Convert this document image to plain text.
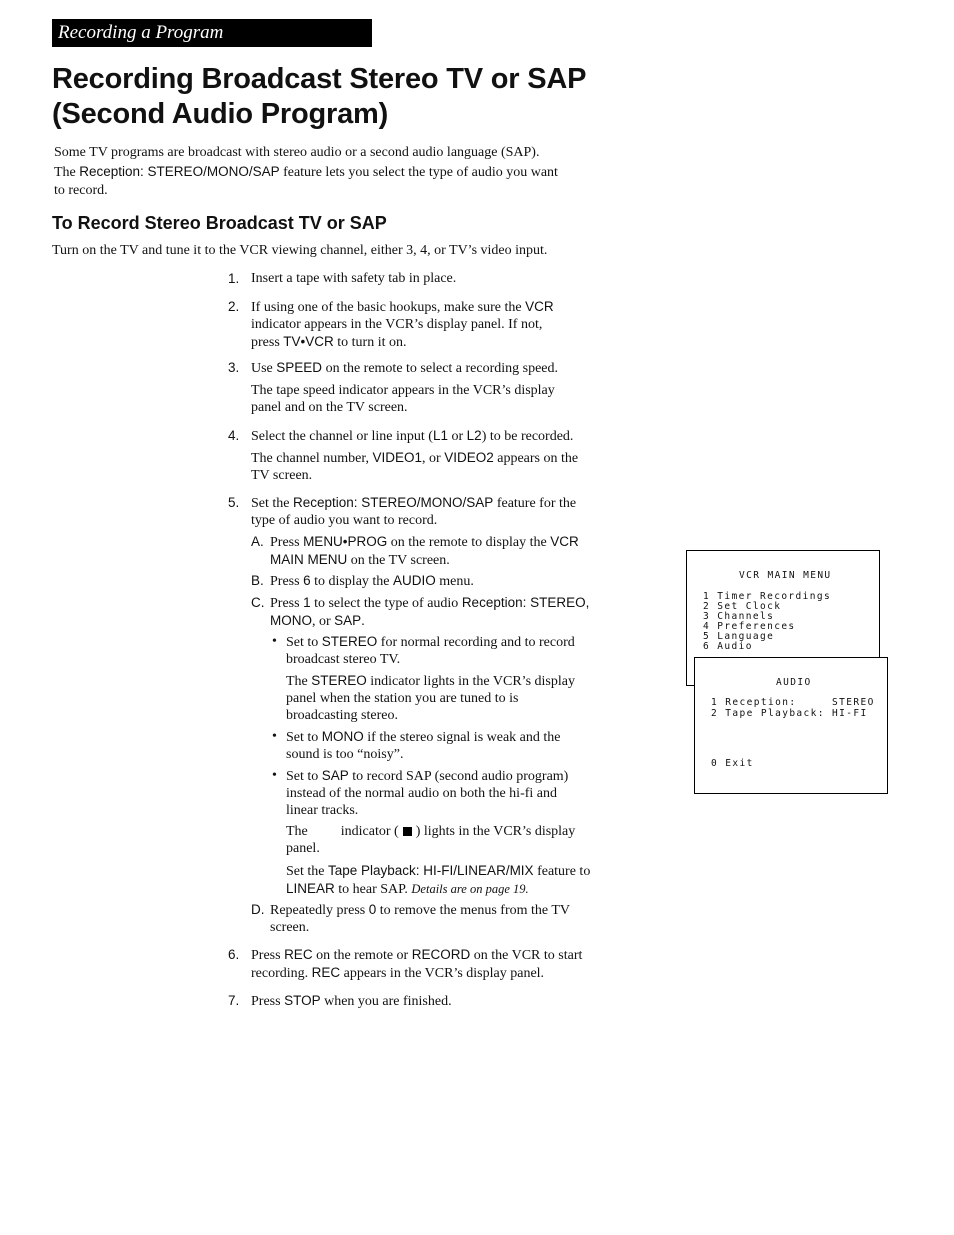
Recording a Program
Recording Broadcast Stereo TV or SAP
(Second Audio Program)

Some TV programs are broadcast with stereo audio or a second audio language (SAP).
The Reception: STEREO/MONO/SAP feature lets you select the type of audio you want
to record.

To Record Stereo Broadcast TV or SAP

Turn on the TV and tune it to the VCR viewing channel, either 3, 4, or TV’s video input.

1. Insert a tape with safety tab in place.
2. If using one of the basic hookups, make sure the VCR
indicator appears in the VCR’s display panel. If not,
press TV•VCR to turn it on.
3. Use SPEED on the remote to select a recording speed.
The tape speed indicator appears in the VCR’s display
panel and on the TV screen.
4. Select the channel or line input (L1 or L2) to be recorded.
The channel number, VIDEO1, or VIDEO2 appears on the
TV screen.
5. Set the Reception: STEREO/MONO/SAP feature for the
type of audio you want to record.
A. Press MENU•PROG on the remote to display the VCR
MAIN MENU on the TV screen.
B. Press 6 to display the AUDIO menu.
C. Press 1 to select the type of audio Reception: STEREO,
MONO, or SAP.
• Set to STEREO for normal recording and to record
broadcast stereo TV.
The STEREO indicator lights in the VCR’s display
panel when the station you are tuned to is
broadcasting stereo.
• Set to MONO if the stereo signal is weak and the
sound is too “noisy”.
• Set to SAP to record SAP (second audio program)
instead of the normal audio on both the hi-fi and
linear tracks.
The indicator ( ) lights in the VCR’s display
panel.
Set the Tape Playback: HI-FI/LINEAR/MIX feature to
LINEAR to hear SAP. Details are on page 19.
D. Repeatedly press 0 to remove the menus from the TV
screen.
6. Press REC on the remote or RECORD on the VCR to start
recording. REC appears in the VCR’s display panel.
7. Press STOP when you are finished.

VCR MAIN MENU

1 Timer Recordings

2 Set Clock

3 Channels

4 Preferences

5 Language

6 Audio

AUDIO

1 Reception:     STEREO

2 Tape Playback: HI-FI

0 Exit
